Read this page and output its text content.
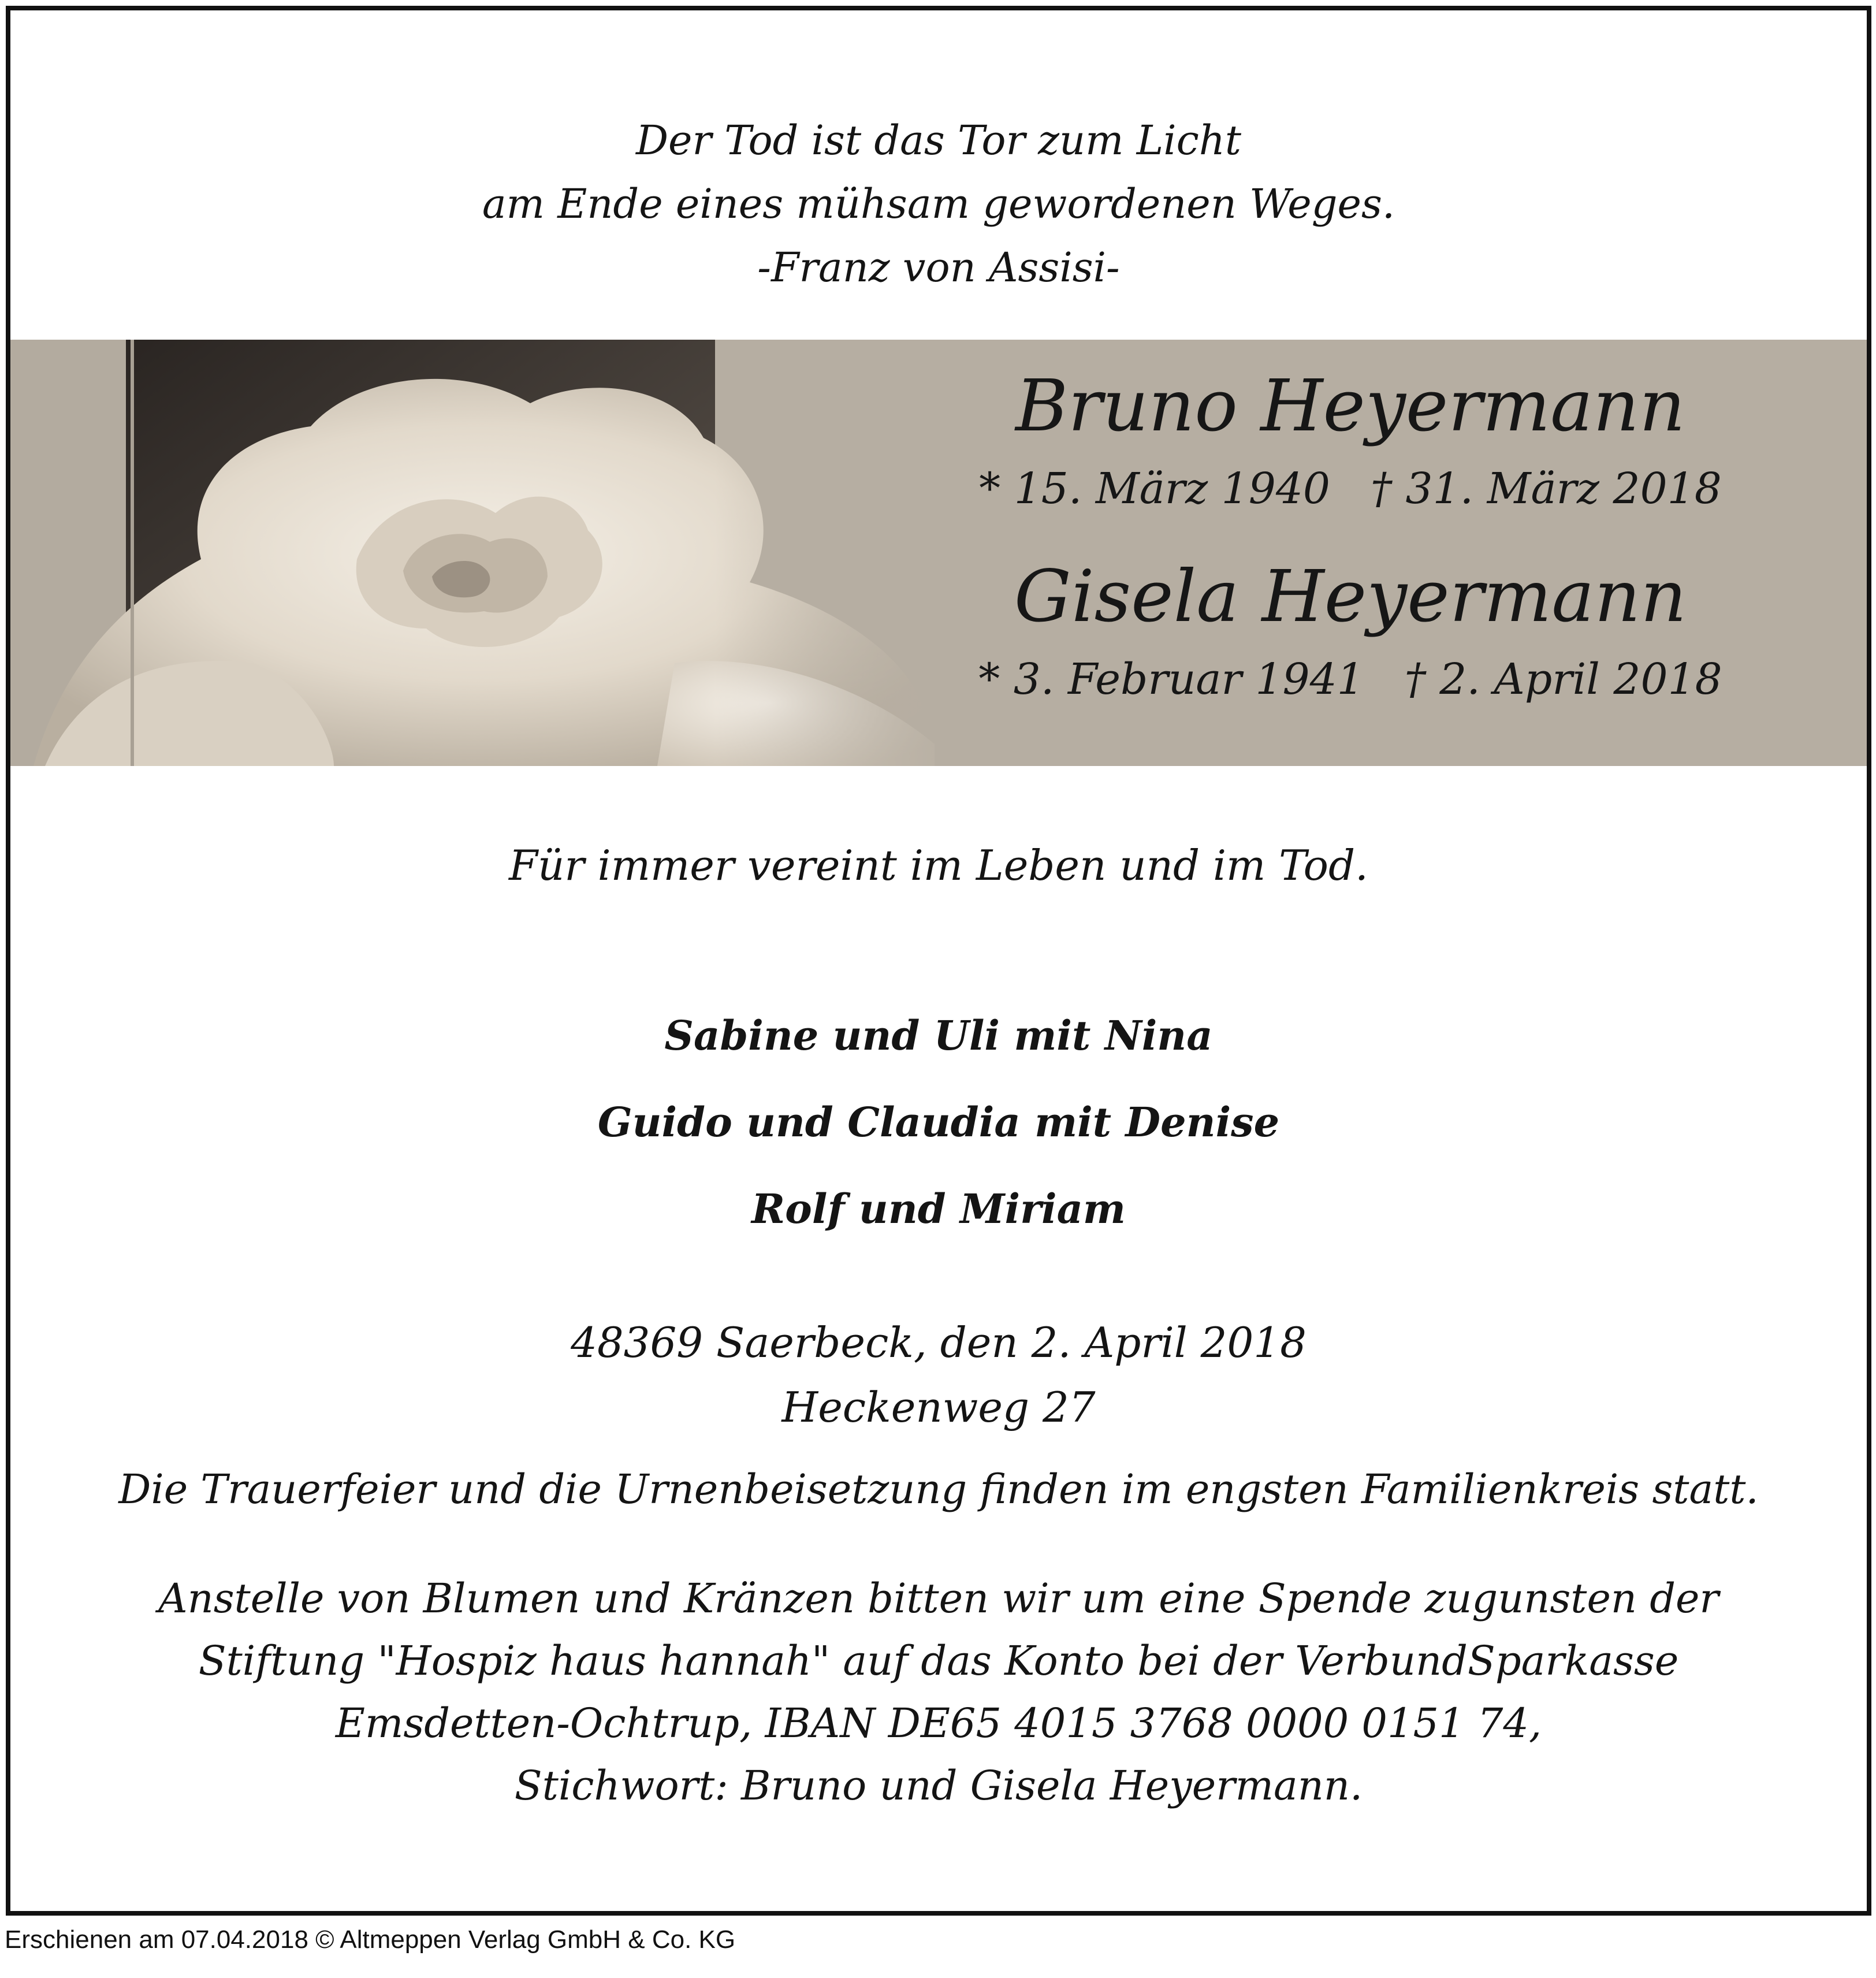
Der Tod ist das Tor zum Licht
am Ende eines mühsam gewordenen Weges.
-Franz von Assisi-
Bruno Heyermann
* 15. März 1940 † 31. März 2018
Gisela Heyermann
* 3. Februar 1941 † 2. April 2018
Für immer vereint im Leben und im Tod.
Sabine und Uli mit Nina
Guido und Claudia mit Denise
Rolf und Miriam
48369 Saerbeck, den 2. April 2018
Heckenweg 27
Die Trauerfeier und die Urnenbeisetzung finden im engsten Familienkreis statt.
Anstelle von Blumen und Kränzen bitten wir um eine Spende zugunsten der
Stiftung "Hospiz haus hannah" auf das Konto bei der VerbundSparkasse
Emsdetten-Ochtrup, IBAN DE65 4015 3768 0000 0151 74,
Stichwort: Bruno und Gisela Heyermann.
Erschienen am 07.04.2018 © Altmeppen Verlag GmbH & Co. KG
